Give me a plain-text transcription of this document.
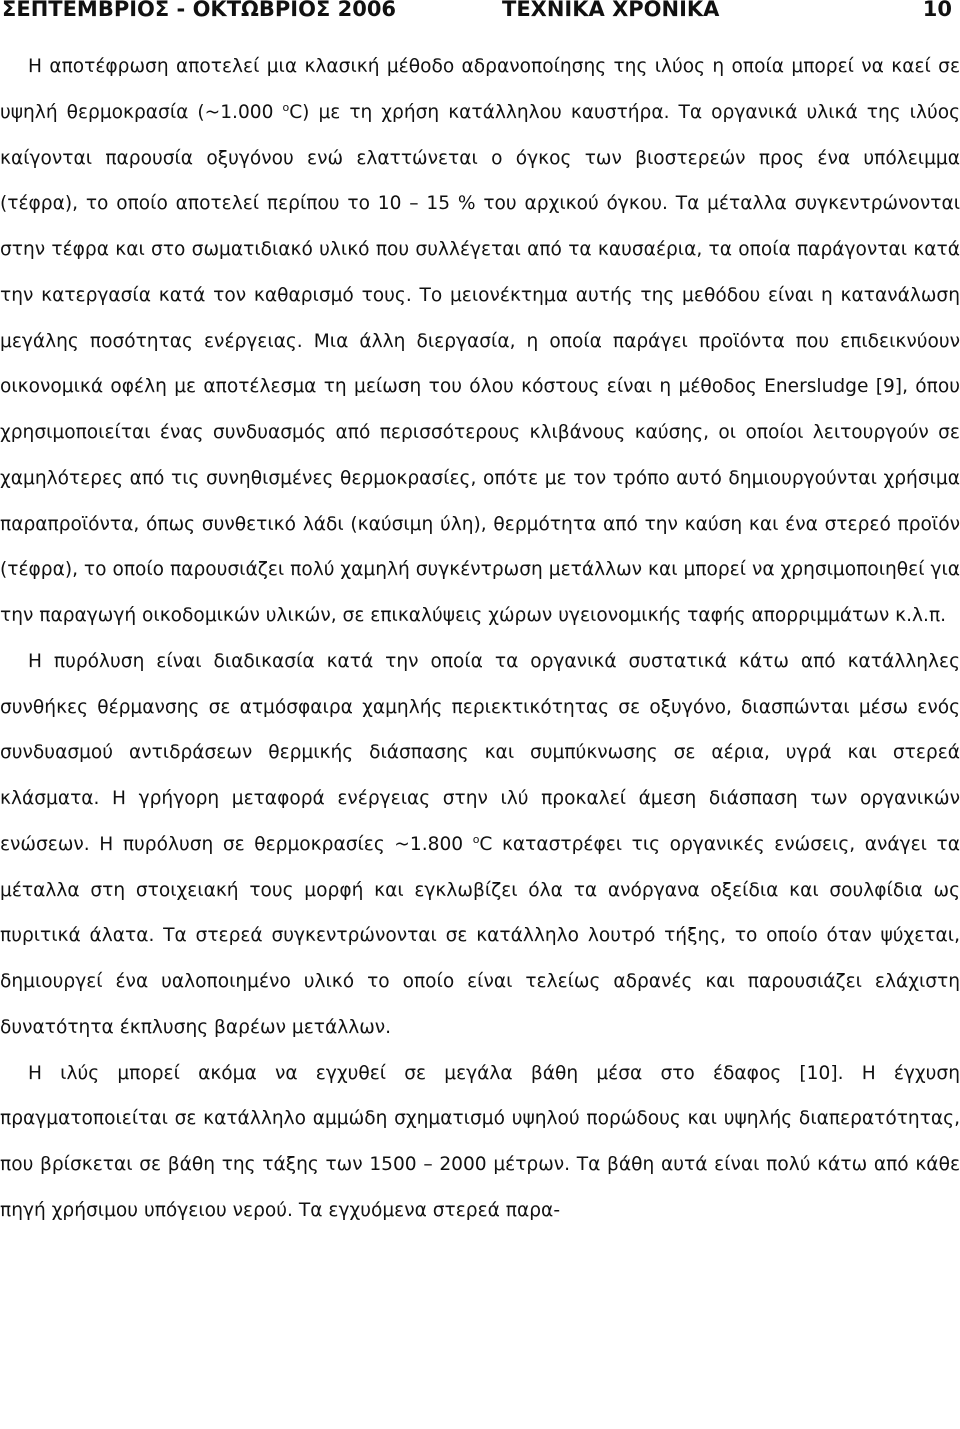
ΣΕΠΤΕΜΒΡΙΟΣ - ΟΚΤΩΒΡΙΟΣ 2006	ΤΕΧΝΙΚΑ ΧΡΟΝΙΚΑ	10

Η αποτέφρωση αποτελεί μια κλασική μέθοδο αδρανοποίησης της ιλύος η οποία μπορεί να καεί σε υψηλή θερμοκρασία (~1.000 $^o$C) με τη χρήση κατάλληλου καυστήρα. Τα οργανικά υλικά της ιλύος καίγονται παρουσία οξυγόνου ενώ ελαττώνεται ο όγκος των βιοστερεών προς ένα υπόλειμμα (τέφρα), το οποίο αποτελεί περίπου το 10 – 15 % του αρχικού όγκου. Τα μέταλλα συγκεντρώνονται στην τέφρα και στο σωματιδιακό υλικό που συλλέγεται από τα καυσαέρια, τα οποία παράγονται κατά την κατεργασία κατά τον καθαρισμό τους. Το μειονέκτημα αυτής της μεθόδου είναι η κατανάλωση μεγάλης ποσότητας ενέργειας. Μια άλλη διεργασία, η οποία παράγει προϊόντα που επιδεικνύουν οικονομικά οφέλη με αποτέλεσμα τη μείωση του όλου κόστους είναι η μέθοδος Enersludge [9], όπου χρησιμοποιείται ένας συνδυασμός από περισσότερους κλιβάνους καύσης, οι οποίοι λειτουργούν σε χαμηλότερες από τις συνηθισμένες θερμοκρασίες, οπότε με τον τρόπο αυτό δημιουργούνται χρήσιμα παραπροϊόντα, όπως συνθετικό λάδι (καύσιμη ύλη), θερμότητα από την καύση και ένα στερεό προϊόν (τέφρα), το οποίο παρουσιάζει πολύ χαμηλή συγκέντρωση μετάλλων και μπορεί να χρησιμοποιηθεί για την παραγωγή οικοδομικών υλικών, σε επικαλύψεις χώρων υγειονομικής ταφής απορριμμάτων κ.λ.π.

Η πυρόλυση είναι διαδικασία κατά την οποία τα οργανικά συστατικά κάτω από κατάλληλες συνθήκες θέρμανσης σε ατμόσφαιρα χαμηλής περιεκτικότητας σε οξυγόνο, διασπώνται μέσω ενός συνδυασμού αντιδράσεων θερμικής διάσπασης και συμπύκνωσης σε αέρια, υγρά και στερεά κλάσματα. Η γρήγορη μεταφορά ενέργειας στην ιλύ προκαλεί άμεση διάσπαση των οργανικών ενώσεων. Η πυρόλυση σε θερμοκρασίες ~1.800 $^o$C καταστρέφει τις οργανικές ενώσεις, ανάγει τα μέταλλα στη στοιχειακή τους μορφή και εγκλωβίζει όλα τα ανόργανα οξείδια και σουλφίδια ως πυριτικά άλατα. Τα στερεά συγκεντρώνονται σε κατάλληλο λουτρό τήξης, το οποίο όταν ψύχεται, δημιουργεί ένα υαλοποιημένο υλικό το οποίο είναι τελείως αδρανές και παρουσιάζει ελάχιστη δυνατότητα έκπλυσης βαρέων μετάλλων.

Η ιλύς μπορεί ακόμα να εγχυθεί σε μεγάλα βάθη μέσα στο έδαφος [10]. Η έγχυση πραγματοποιείται σε κατάλληλο αμμώδη σχηματισμό υψηλού πορώδους και υψηλής διαπερατότητας, που βρίσκεται σε βάθη της τάξης των 1500 – 2000 μέτρων. Τα βάθη αυτά είναι πολύ κάτω από κάθε πηγή χρήσιμου υπόγειου νερού. Τα εγχυόμενα στερεά παρα-
